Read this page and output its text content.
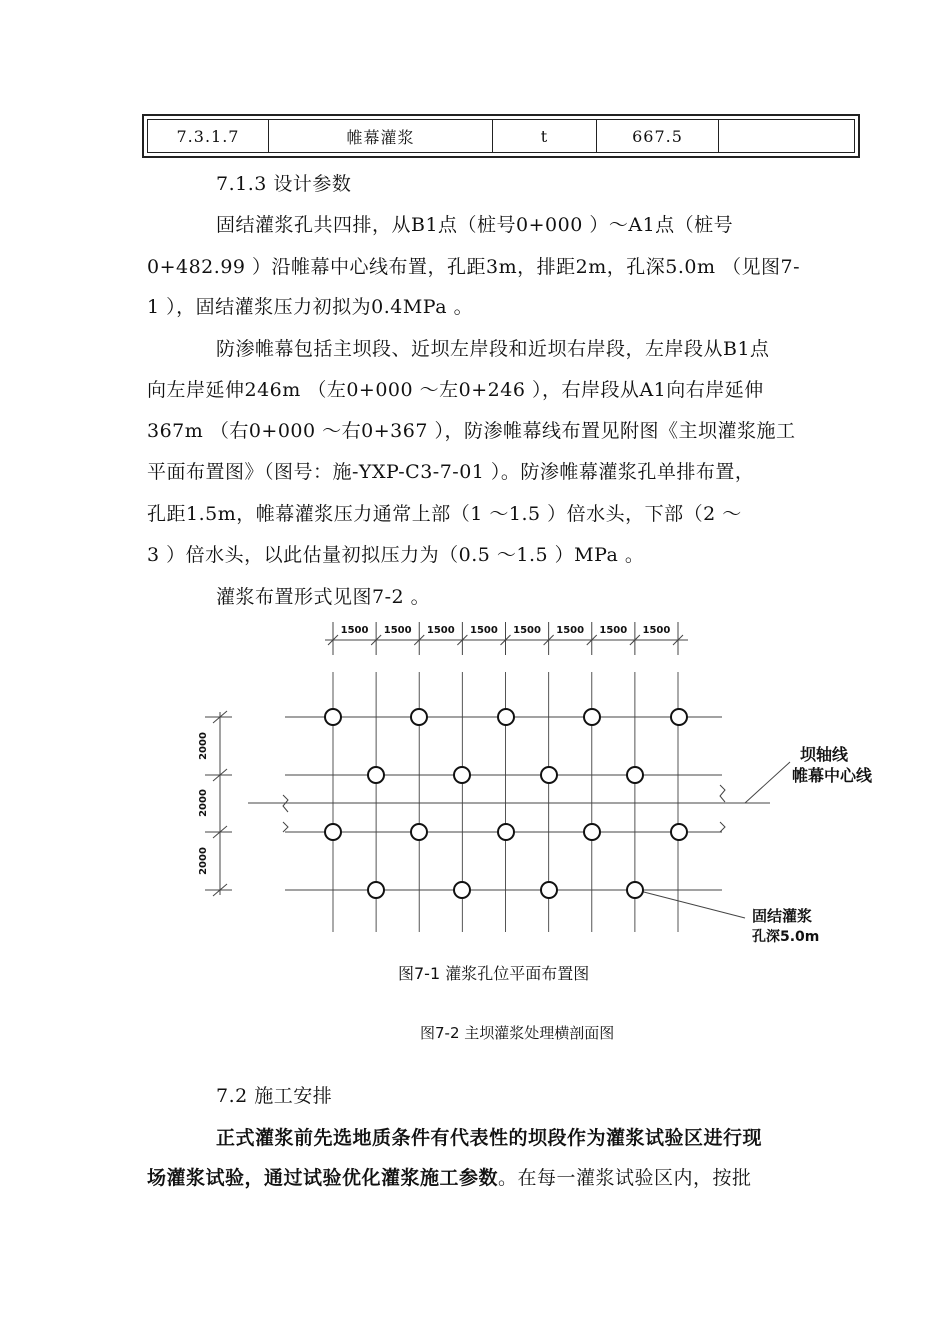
7.3.1.7	帷幕灌浆	t	667.5
7.1.3 设计参数
固结灌浆孔共四排，从B1点（桩号0+000 ）～A1点（桩号
0+482.99 ）沿帷幕中心线布置，孔距3m，排距2m，孔深5.0m （见图7-
1 ），固结灌浆压力初拟为0.4MPa 。
防渗帷幕包括主坝段、近坝左岸段和近坝右岸段，左岸段从B1点
向左岸延伸246m （左0+000 ～左0+246 ），右岸段从A1向右岸延伸
367m （右0+000 ～右0+367 ），防渗帷幕线布置见附图《主坝灌浆施工
平面布置图》（图号：施-YXP-C3-7-01 ）。防渗帷幕灌浆孔单排布置，
孔距1.5m，帷幕灌浆压力通常上部（1 ～1.5 ）倍水头，下部（2 ～
3 ）倍水头，以此估量初拟压力为（0.5 ～1.5 ）MPa 。
灌浆布置形式见图7-2 。
1500 1500 1500 1500 1500 1500 1500 1500
2000
2000
2000
坝轴线
帷幕中心线
固结灌浆
孔深5.0m
图7-1 灌浆孔位平面布置图
图7-2 主坝灌浆处理横剖面图
7.2 施工安排
正式灌浆前先选地质条件有代表性的坝段作为灌浆试验区进行现
场灌浆试验，通过试验优化灌浆施工参数。在每一灌浆试验区内，按批
